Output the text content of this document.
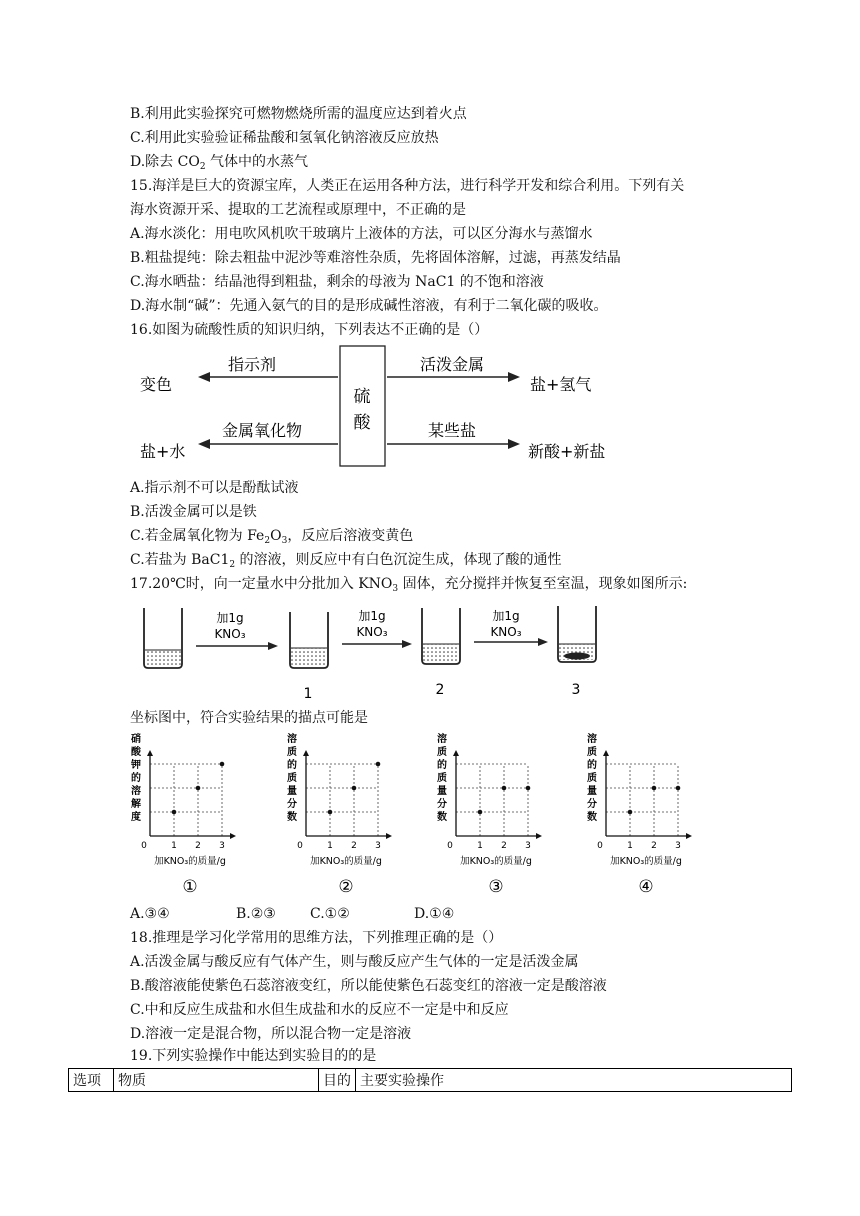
B.利用此实验探究可燃物燃烧所需的温度应达到着火点
C.利用此实验验证稀盐酸和氢氧化钠溶液反应放热
D.除去 $CO_2$ 气体中的水蒸气
15.海洋是巨大的资源宝库，人类正在运用各种方法，进行科学开发和综合利用。下列有关
海水资源开采、提取的工艺流程或原理中，不正确的是
A.海水淡化：用电吹风机吹干玻璃片上液体的方法，可以区分海水与蒸馏水
B.粗盐提纯：除去粗盐中泥沙等难溶性杂质，先将固体溶解，过滤，再蒸发结晶
C.海水晒盐：结晶池得到粗盐，剩余的母液为 NaC1 的不饱和溶液
D.海水制“碱”：先通入氨气的目的是形成碱性溶液，有利于二氧化碳的吸收。
16.如图为硫酸性质的知识归纳，下列表达不正确的是（）
硫
酸
指示剂
变色
活泼金属
盐+氢气
金属氧化物
盐+水
某些盐
新酸+新盐
A.指示剂不可以是酚酞试液
B.活泼金属可以是铁
C.若金属氧化物为 $Fe_2O_3$，反应后溶液变黄色
C.若盐为 $BaC1_2$ 的溶液，则反应中有白色沉淀生成，体现了酸的通性
17.20℃时，向一定量水中分批加入 $KNO_3$ 固体，充分搅拌并恢复至室温，现象如图所示:
加1g
KNO₃
1
加1g
KNO₃
2
加1g
KNO₃
3
坐标图中，符合实验结果的描点可能是
0	1 2 3
硝
酸
钾
的
溶
解
度
加KNO₃的质量/g
①
0	1 2 3
溶
质
的
质
量
分
数
加KNO₃的质量/g
②
0	1 2 3
溶
质
的
质
量
分
数
加KNO₃的质量/g
③
0	1 2 3
溶
质
的
质
量
分
数
加KNO₃的质量/g
④
A.③④	B.②③ C.①②	D.①④
18.推理是学习化学常用的思维方法，下列推理正确的是（）
A.活泼金属与酸反应有气体产生，则与酸反应产生气体的一定是活泼金属
B.酸溶液能使紫色石蕊溶液变红，所以能使紫色石蕊变红的溶液一定是酸溶液
C.中和反应生成盐和水但生成盐和水的反应不一定是中和反应
D.溶液一定是混合物，所以混合物一定是溶液
19.下列实验操作中能达到实验目的的是
选项	物质	目的	主要实验操作
